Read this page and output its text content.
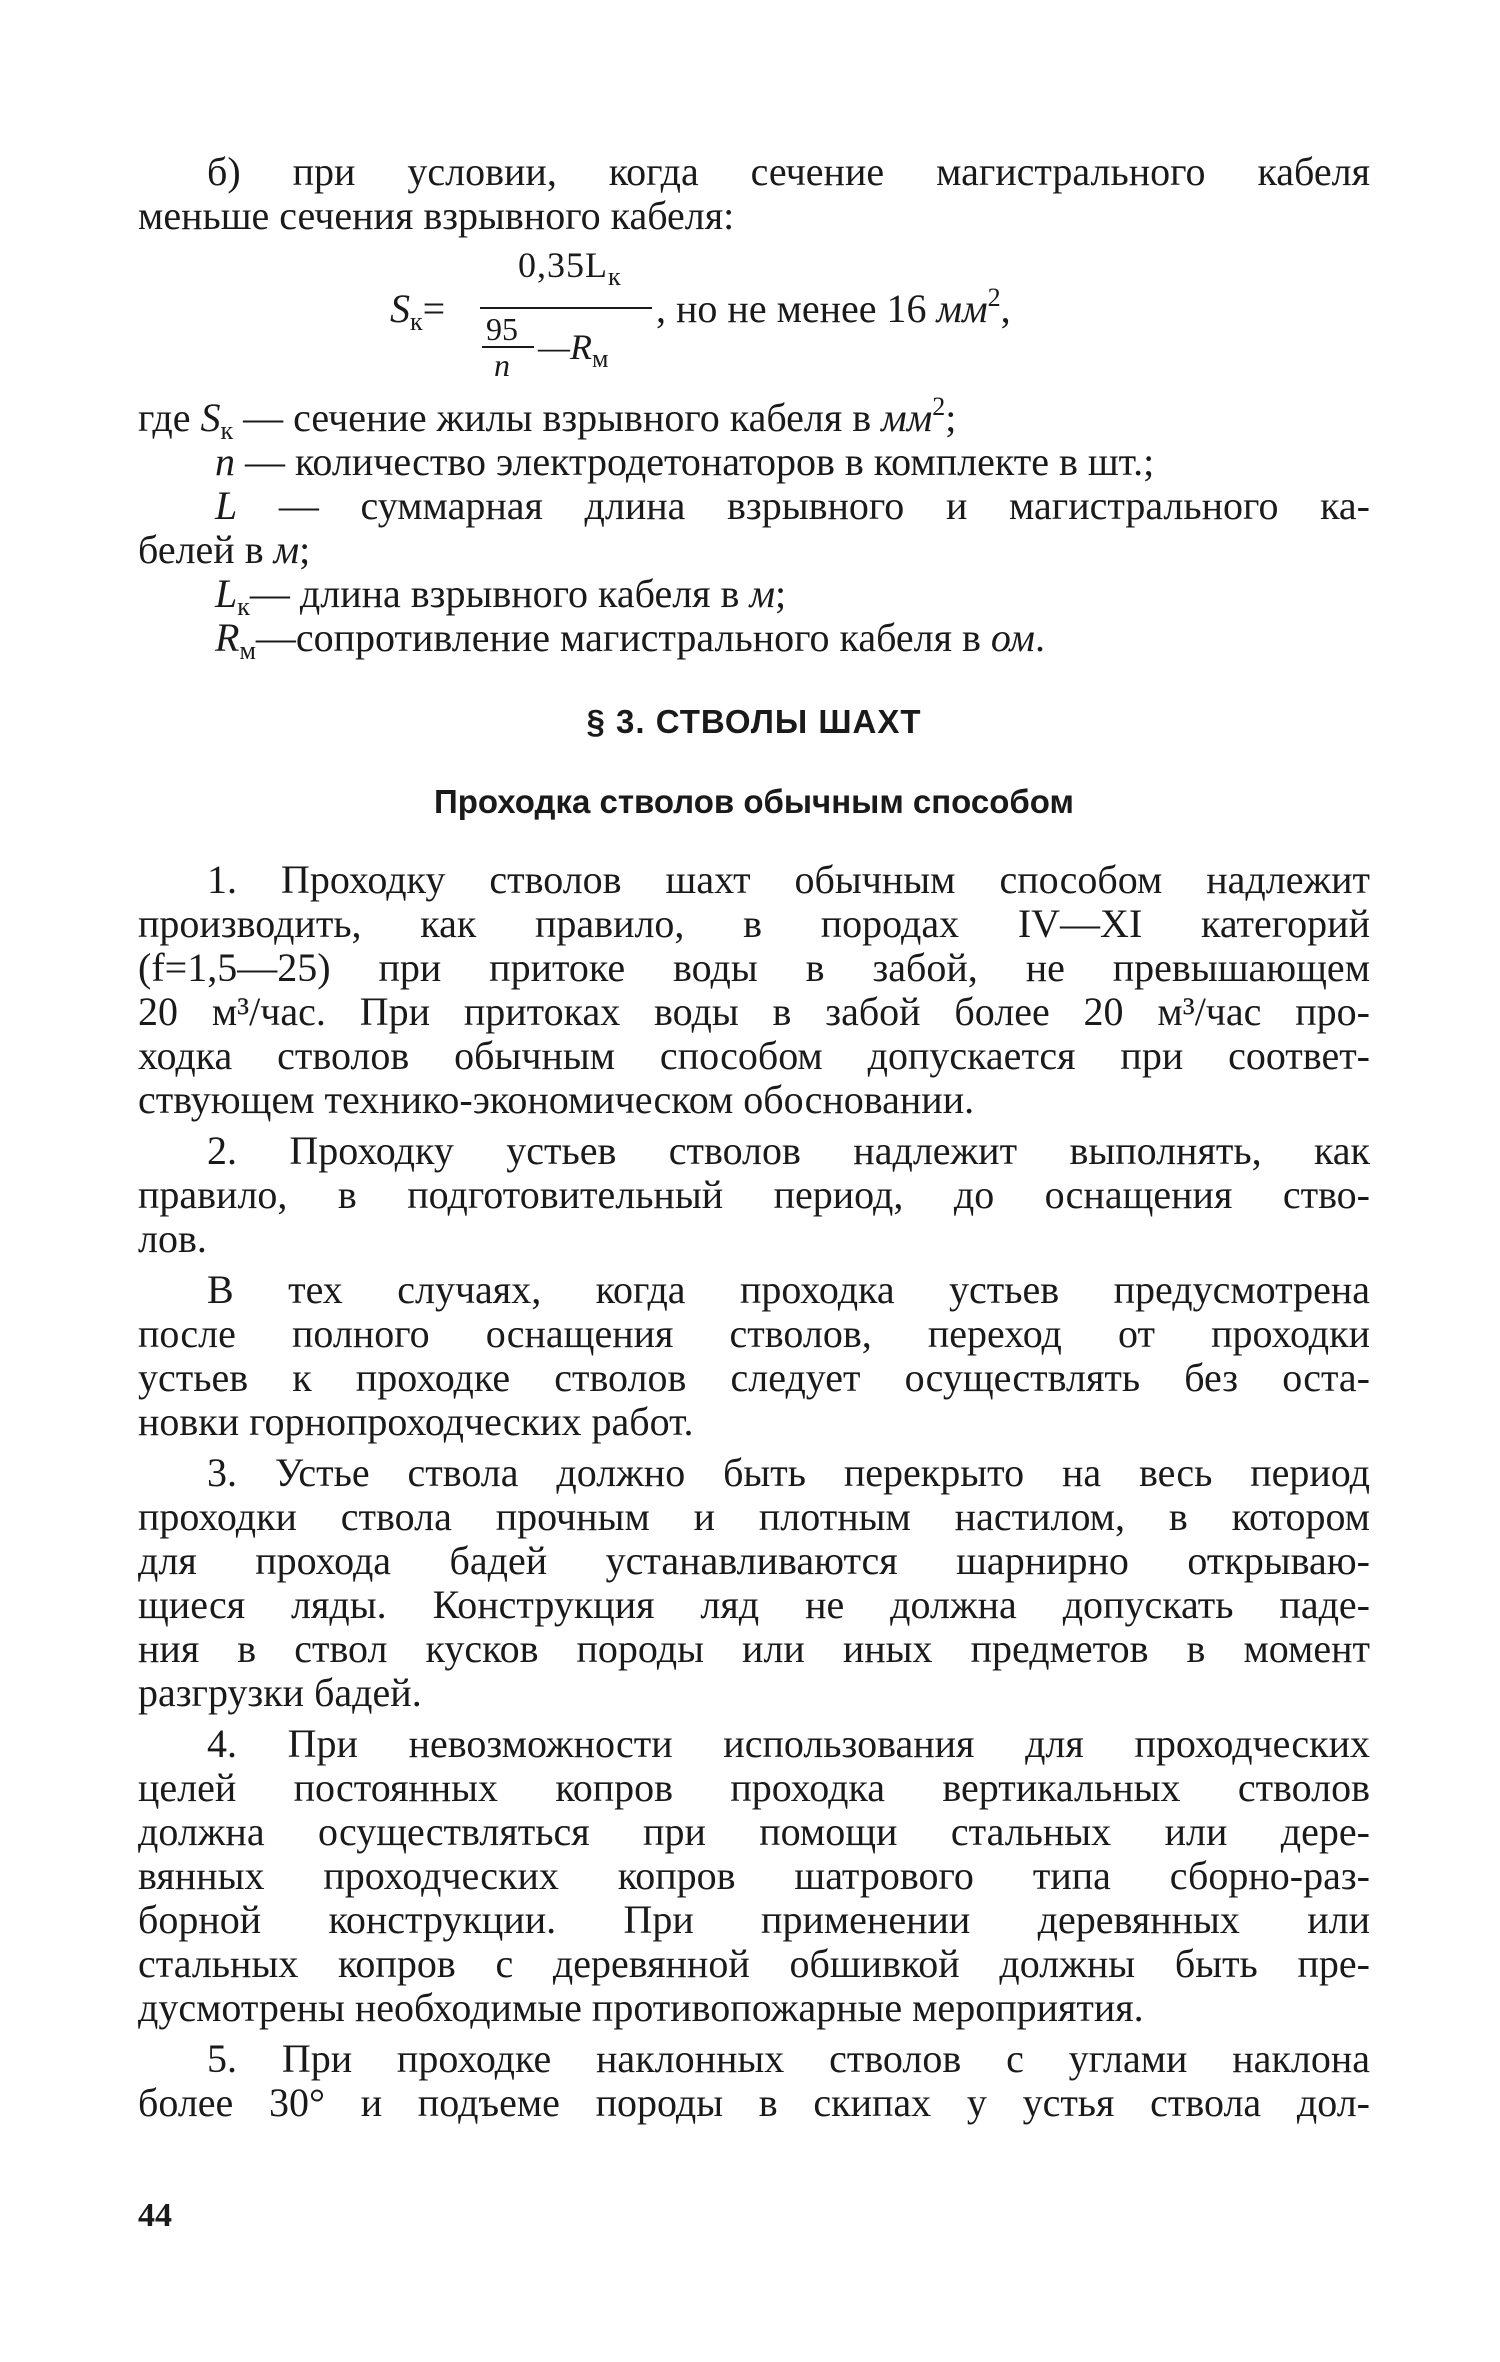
б) при условии, когда сечение магистрального кабеля
меньше сечения взрывного кабеля:
$S_к=$
$0,35L_к$
95
n $—R_м$
, но не менее 16 $мм^2$,
где $S_к$ — сечение жилы взрывного кабеля в $мм^2$;
n — количество электродетонаторов в комплекте в шт.;
L — суммарная длина взрывного и магистрального ка-
белей в м;
$L_к—$ длина взрывного кабеля в м;
$R_м—сопротивление$ магистрального кабеля в ом.
§ 3. СТВОЛЫ ШАХТ
Проходка стволов обычным способом
1. Проходку стволов шахт обычным способом надлежит
производить, как правило, в породах IV—XI категорий
(f=1,5—25) при притоке воды в забой, не превышающем
20 м³/час. При притоках воды в забой более 20 м³/час про-
ходка стволов обычным способом допускается при соответ-
ствующем технико-экономическом обосновании.
2. Проходку устьев стволов надлежит выполнять, как
правило, в подготовительный период, до оснащения ство-
лов.
В тех случаях, когда проходка устьев предусмотрена
после полного оснащения стволов, переход от проходки
устьев к проходке стволов следует осуществлять без оста-
новки горнопроходческих работ.
3. Устье ствола должно быть перекрыто на весь период
проходки ствола прочным и плотным настилом, в котором
для прохода бадей устанавливаются шарнирно открываю-
щиеся ляды. Конструкция ляд не должна допускать паде-
ния в ствол кусков породы или иных предметов в момент
разгрузки бадей.
4. При невозможности использования для проходческих
целей постоянных копров проходка вертикальных стволов
должна осуществляться при помощи стальных или дере-
вянных проходческих копров шатрового типа сборно-раз-
борной конструкции. При применении деревянных или
стальных копров с деревянной обшивкой должны быть пре-
дусмотрены необходимые противопожарные мероприятия.
5. При проходке наклонных стволов с углами наклона
более 30° и подъеме породы в скипах у устья ствола дол-
44
